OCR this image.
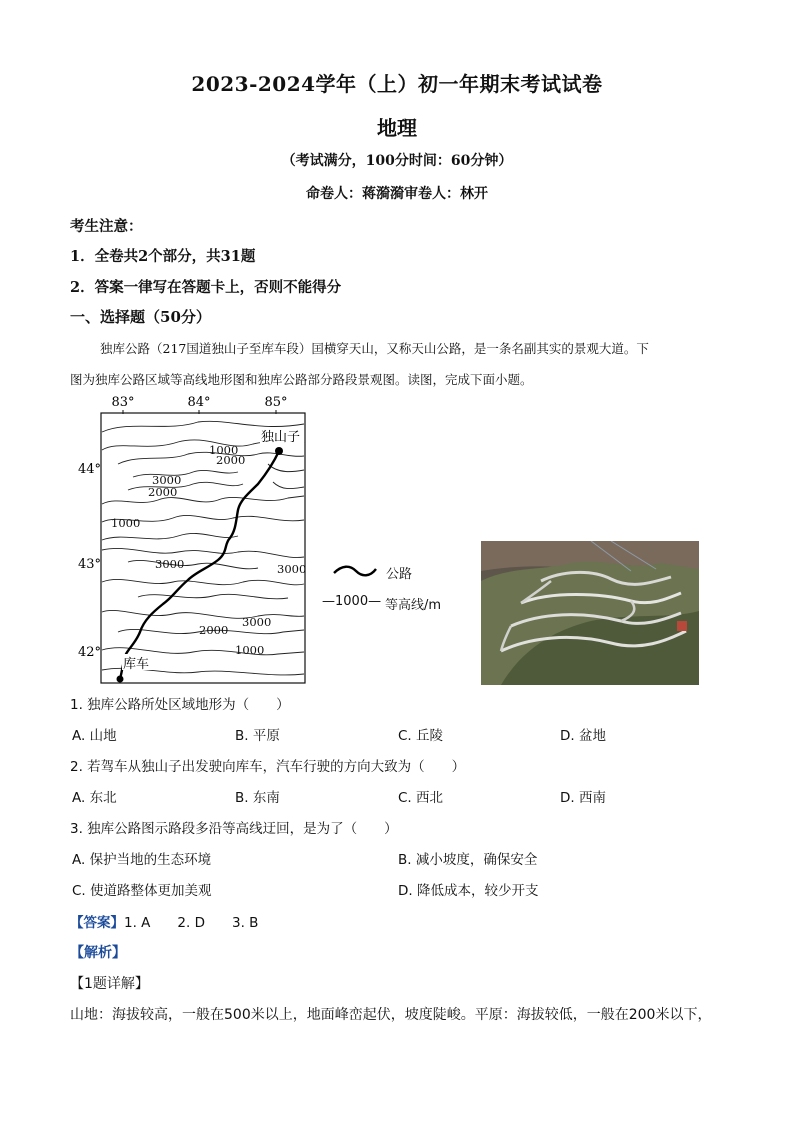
2023-2024学年（上）初一年期末考试试卷
地理
（考试满分，100分时间：60分钟）
命卷人：蒋漪漪审卷人：林开
考生注意：
1．全卷共2个部分，共31题
2．答案一律写在答题卡上，否则不能得分
一、选择题（50分）
独库公路（217国道独山子至库车段）囯横穿天山，又称天山公路，是一条名副其实的景观大道。下
图为独库公路区域等高线地形图和独库公路部分路段景观图。读图，完成下面小题。
83°	84°	85°
44°
43°
42°
1000
2000
3000
2000
1000
3000	3000
3000
2000
1000
独山子
库车
公路
—1000— 等高线/m
1. 独库公路所处区域地形为（　　）
A. 山地	B. 平原	C. 丘陵	D. 盆地
2. 若驾车从独山子出发驶向库车，汽车行驶的方向大致为（　　）
A. 东北	B. 东南	C. 西北	D. 西南
3. 独库公路图示路段多沿等高线迂回，是为了（　　）
A. 保护当地的生态环境	B. 减小坡度，确保安全
C. 使道路整体更加美观	D. 降低成本，较少开支
【答案】1. A　　2. D　　3. B
【解析】
【1题详解】
山地：海拔较高，一般在500米以上，地面峰峦起伏，坡度陡峻。平原：海拔较低，一般在200米以下，
